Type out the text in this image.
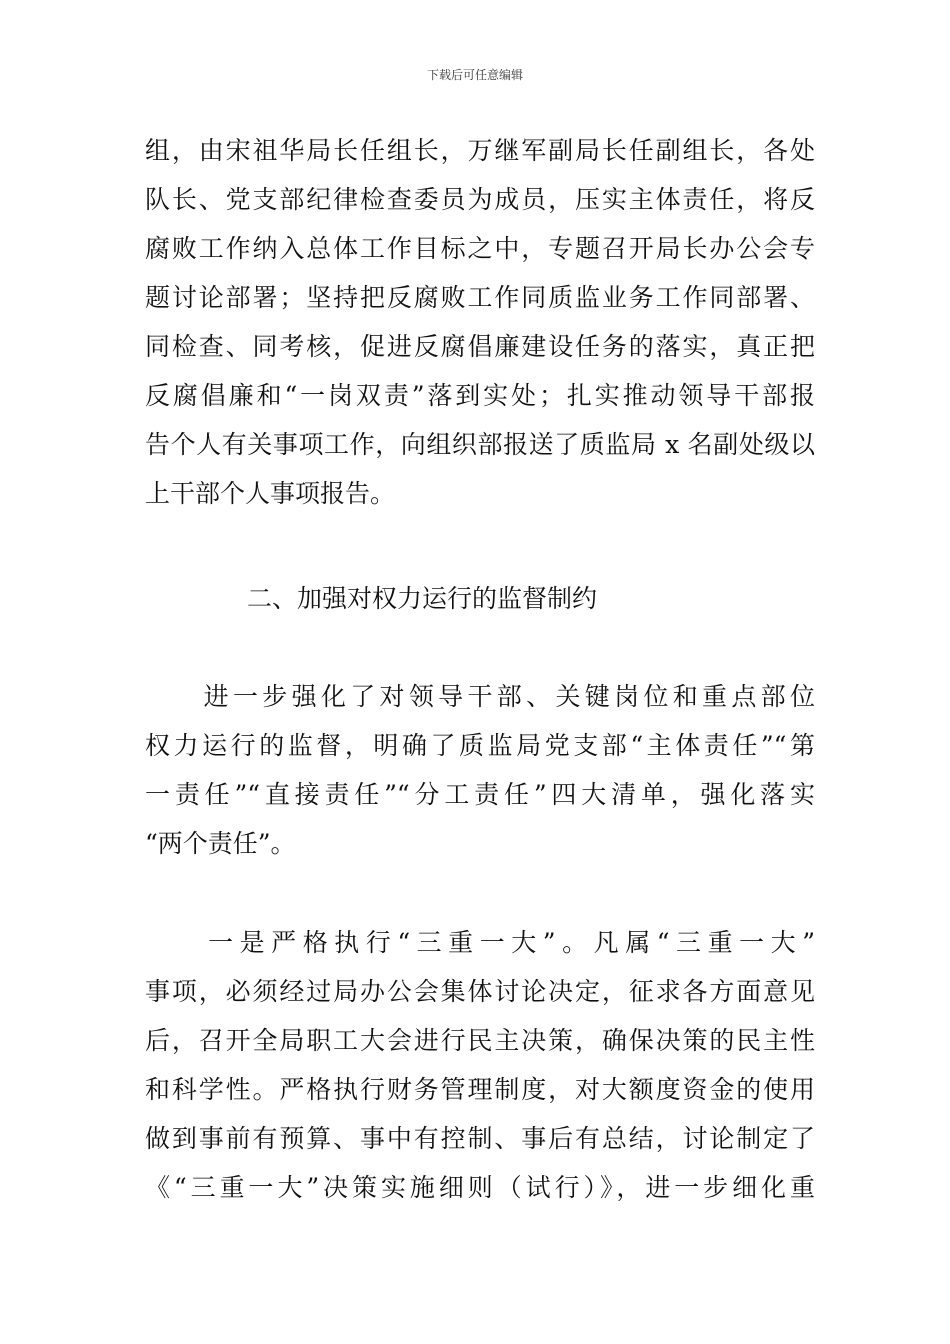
下载后可任意编辑
组，由宋祖华局长任组长，万继军副局长任副组长，各处
队长、党支部纪律检查委员为成员，压实主体责任，将反
腐败工作纳入总体工作目标之中，专题召开局长办公会专
题讨论部署；坚持把反腐败工作同质监业务工作同部署、
同检查、同考核，促进反腐倡廉建设任务的落实，真正把
反腐倡廉和“一岗双责”落到实处；扎实推动领导干部报
告个人有关事项工作，向组织部报送了质监局 x 名副处级以
上干部个人事项报告。
二、加强对权力运行的监督制约
　　进一步强化了对领导干部、关键岗位和重点部位
权力运行的监督，明确了质监局党支部“主体责任”“第
一责任”“直接责任”“分工责任”四大清单，强化落实
“两个责任”。
　　一是严格执行“三重一大”。凡属“三重一大”
事项，必须经过局办公会集体讨论决定，征求各方面意见
后，召开全局职工大会进行民主决策，确保决策的民主性
和科学性。严格执行财务管理制度，对大额度资金的使用
做到事前有预算、事中有控制、事后有总结，讨论制定了
《“三重一大”决策实施细则（试行）》，进一步细化重
